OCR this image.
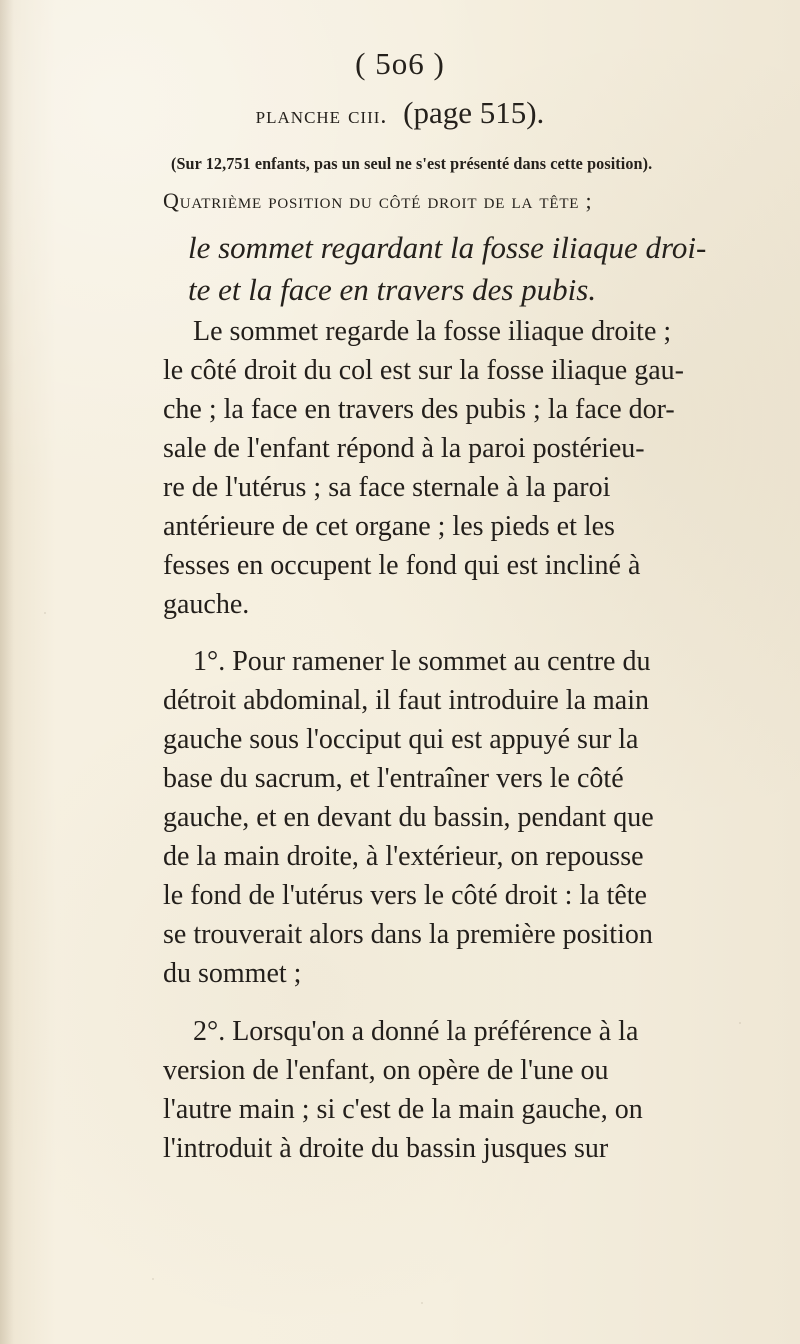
( 5o6 )
planche ciii. (page 515).
(Sur 12,751 enfants, pas un seul ne s'est présenté dans cette position).
Quatrième position du côté droit de la tête ;
le sommet regardant la fosse iliaque droi-
te et la face en travers des pubis.
Le sommet regarde la fosse iliaque droite ;
le côté droit du col est sur la fosse iliaque gau-
che ; la face en travers des pubis ; la face dor-
sale de l'enfant répond à la paroi postérieu-
re de l'utérus ; sa face sternale à la paroi
antérieure de cet organe ; les pieds et les
fesses en occupent le fond qui est incliné à
gauche.
1°. Pour ramener le sommet au centre du
détroit abdominal, il faut introduire la main
gauche sous l'occiput qui est appuyé sur la
base du sacrum, et l'entraîner vers le côté
gauche, et en devant du bassin, pendant que
de la main droite, à l'extérieur, on repousse
le fond de l'utérus vers le côté droit : la tête
se trouverait alors dans la première position
du sommet ;
2°. Lorsqu'on a donné la préférence à la
version de l'enfant, on opère de l'une ou
l'autre main ; si c'est de la main gauche, on
l'introduit à droite du bassin jusques sur
